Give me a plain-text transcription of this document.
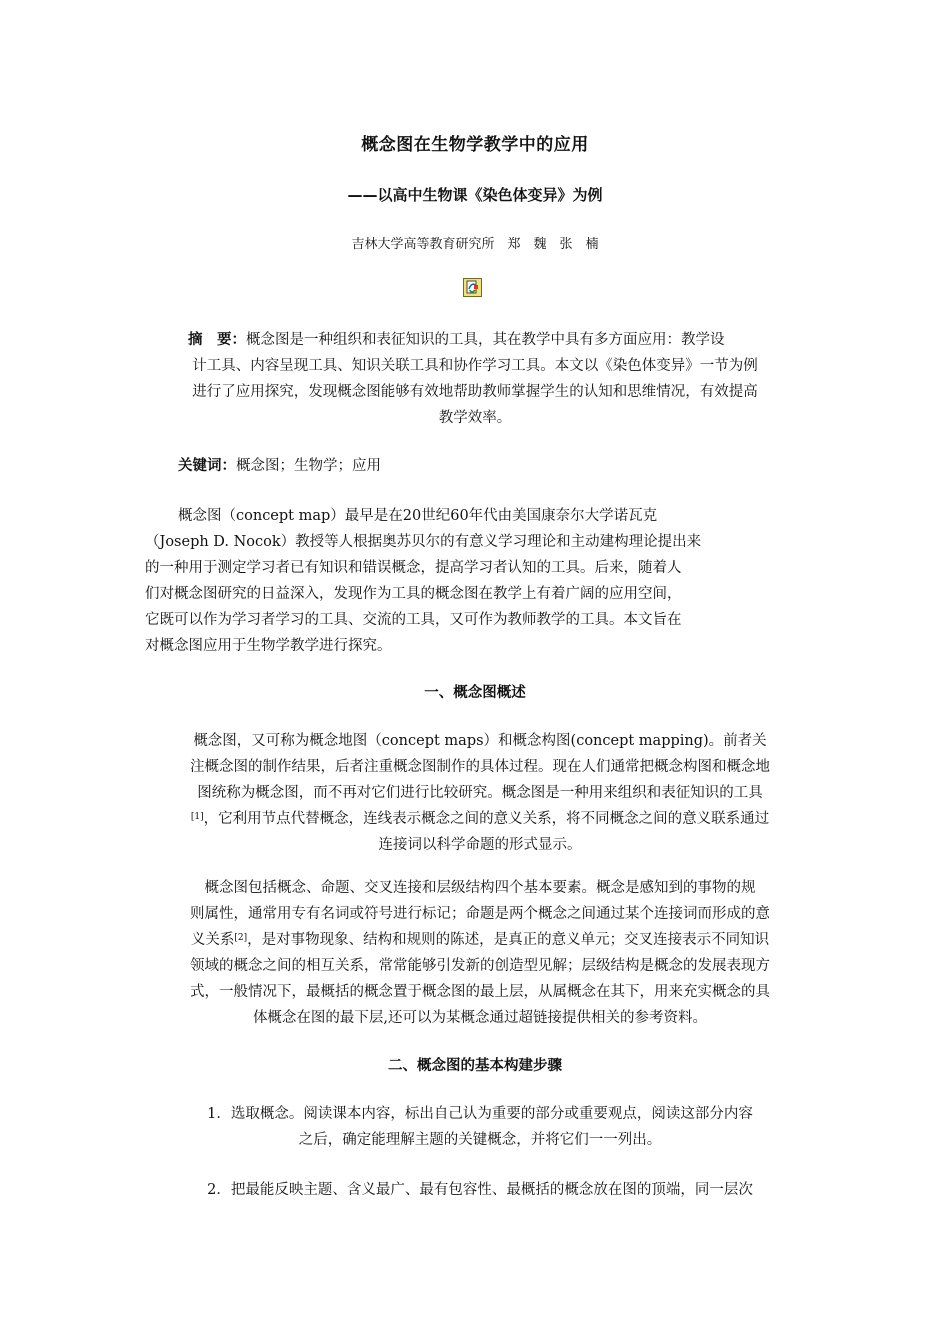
概念图在生物学教学中的应用
——以高中生物课《染色体变异》为例
吉林大学高等教育研究所　郑　魏　张　楠
摘　要：概念图是一种组织和表征知识的工具，其在教学中具有多方面应用：教学设
计工具、内容呈现工具、知识关联工具和协作学习工具。本文以《染色体变异》一节为例
进行了应用探究，发现概念图能够有效地帮助教师掌握学生的认知和思维情况，有效提高
教学效率。
关键词：概念图；生物学；应用
概念图（concept map）最早是在20世纪60年代由美国康奈尔大学诺瓦克
（Joseph D. Nocok）教授等人根据奥苏贝尔的有意义学习理论和主动建构理论提出来
的一种用于测定学习者已有知识和错误概念，提高学习者认知的工具。后来，随着人
们对概念图研究的日益深入，发现作为工具的概念图在教学上有着广阔的应用空间，
它既可以作为学习者学习的工具、交流的工具，又可作为教师教学的工具。本文旨在
对概念图应用于生物学教学进行探究。
一、概念图概述
概念图，又可称为概念地图（concept maps）和概念构图(concept mapping)。前者关
注概念图的制作结果，后者注重概念图制作的具体过程。现在人们通常把概念构图和概念地
图统称为概念图，而不再对它们进行比较研究。概念图是一种用来组织和表征知识的工具
[1]，它利用节点代替概念，连线表示概念之间的意义关系，将不同概念之间的意义联系通过
连接词以科学命题的形式显示。
概念图包括概念、命题、交叉连接和层级结构四个基本要素。概念是感知到的事物的规
则属性，通常用专有名词或符号进行标记；命题是两个概念之间通过某个连接词而形成的意
义关系[2]，是对事物现象、结构和规则的陈述，是真正的意义单元；交叉连接表示不同知识
领域的概念之间的相互关系，常常能够引发新的创造型见解；层级结构是概念的发展表现方
式，一般情况下，最概括的概念置于概念图的最上层，从属概念在其下，用来充实概念的具
体概念在图的最下层,还可以为某概念通过超链接提供相关的参考资料。
二、概念图的基本构建步骤
1．选取概念。阅读课本内容，标出自己认为重要的部分或重要观点，阅读这部分内容
之后，确定能理解主题的关键概念，并将它们一一列出。
2．把最能反映主题、含义最广、最有包容性、最概括的概念放在图的顶端，同一层次
